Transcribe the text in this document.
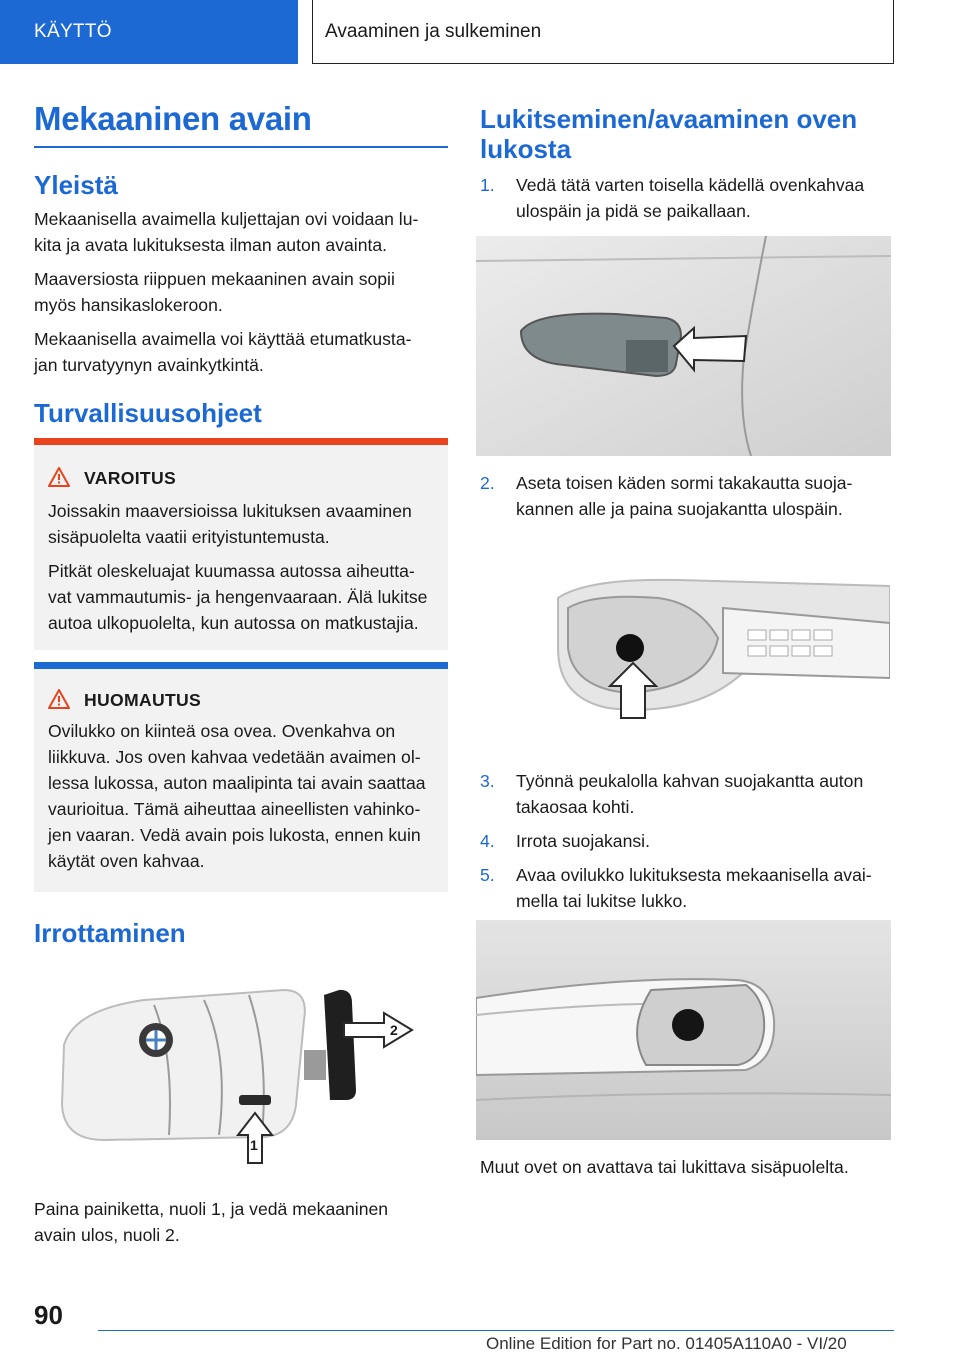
KÄYTTÖ	Avaaminen ja sulkeminen
Mekaaninen avain
Yleistä

Mekaanisella avaimella kuljettajan ovi voidaan lu-

kita ja avata lukituksesta ilman auton avainta.

Maaversiosta riippuen mekaaninen avain sopii

myös hansikaslokeroon.

Mekaanisella avaimella voi käyttää etumatkusta-

jan turvatyynyn avainkytkintä.

Turvallisuusohjeet
VAROITUS

Joissakin maaversioissa lukituksen avaaminen

sisäpuolelta vaatii erityistuntemusta.

Pitkät oleskeluajat kuumassa autossa aiheutta-

vat vammautumis- ja hengenvaaraan. Älä lukitse

autoa ulkopuolelta, kun autossa on matkustajia.

HUOMAUTUS

Ovilukko on kiinteä osa ovea. Ovenkahva on

liikkuva. Jos oven kahvaa vedetään avaimen ol-

lessa lukossa, auton maalipinta tai avain saattaa

vaurioitua. Tämä aiheuttaa aineellisten vahinko-

jen vaaran. Vedä avain pois lukosta, ennen kuin

käytät oven kahvaa.

Irrottaminen
2
1

Paina painiketta, nuoli 1, ja vedä mekaaninen

avain ulos, nuoli 2.

Lukitseminen/avaaminen oven
lukosta
1. Vedä tätä varten toisella kädellä ovenkahvaa
ulospäin ja pidä se paikallaan.
2. Aseta toisen käden sormi takakautta suoja-
kannen alle ja paina suojakantta ulospäin.
3. Työnnä peukalolla kahvan suojakantta auton
takaosaa kohti.
4. Irrota suojakansi.
5. Avaa ovilukko lukituksesta mekaanisella avai-
mella tai lukitse lukko.
Muut ovet on avattava tai lukittava sisäpuolelta.
90
Online Edition for Part no. 01405A110A0 - VI/20
